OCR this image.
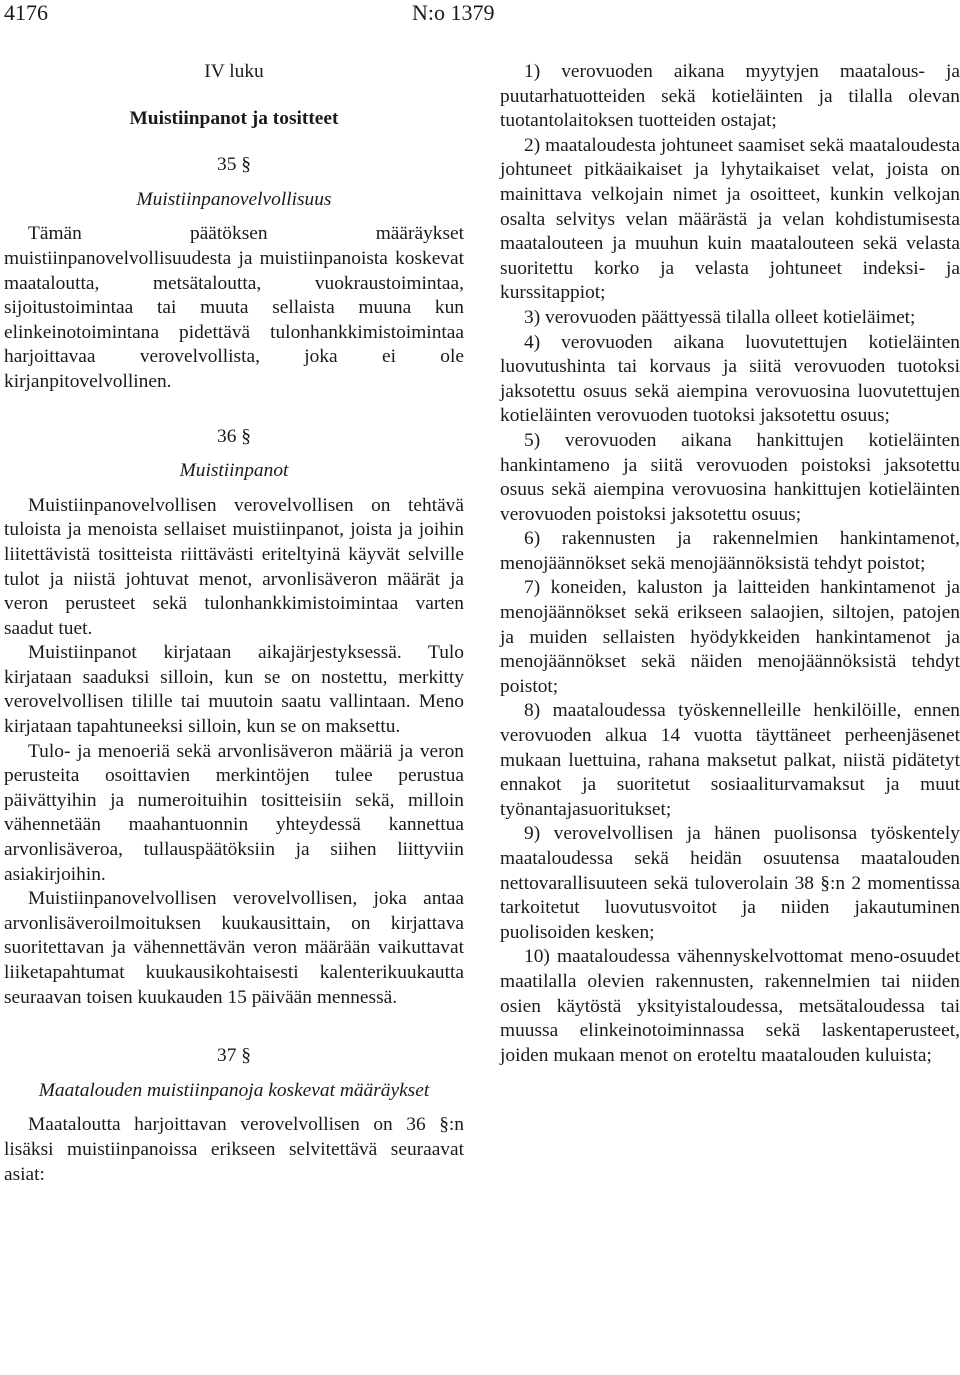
4176	N:o 1379
IV luku
Muistiinpanot ja tositteet
35 §
Muistiinpanovelvollisuus

Tämän päätöksen määräykset muistiinpanovelvollisuudesta ja muistiinpanoista koskevat maataloutta, metsätaloutta, vuokraustoimintaa, sijoitustoimintaa tai muuta sellaista muuna kun elinkeinotoimintana pidettävä tulonhankkimistoimintaa harjoittavaa verovelvollista, joka ei ole kirjanpitovelvollinen.

36 §
Muistiinpanot

Muistiinpanovelvollisen verovelvollisen on tehtävä tuloista ja menoista sellaiset muistiinpanot, joista ja joihin liitettävistä tositteista riittävästi eriteltyinä käyvät selville tulot ja niistä johtuvat menot, arvonlisäveron määrät ja veron perusteet sekä tulonhankkimistoimintaa varten saadut tuet.

Muistiinpanot kirjataan aikajärjestyksessä. Tulo kirjataan saaduksi silloin, kun se on nostettu, merkitty verovelvollisen tilille tai muutoin saatu vallintaan. Meno kirjataan tapahtuneeksi silloin, kun se on maksettu.

Tulo- ja menoeriä sekä arvonlisäveron määriä ja veron perusteita osoittavien merkintöjen tulee perustua päivättyihin ja numeroituihin tositteisiin sekä, milloin vähennetään maahantuonnin yhteydessä kannettua arvonlisäveroa, tullauspäätöksiin ja siihen liittyviin asiakirjoihin.

Muistiinpanovelvollisen verovelvollisen, joka antaa arvonlisäveroilmoituksen kuukausittain, on kirjattava suoritettavan ja vähennettävän veron määrään vaikuttavat liiketapahtumat kuukausikohtaisesti kalenterikuukautta seuraavan toisen kuukauden 15 päivään mennessä.

37 §
Maatalouden muistiinpanoja koskevat määräykset

Maataloutta harjoittavan verovelvollisen on 36 §:n lisäksi muistiinpanoissa erikseen selvitettävä seuraavat asiat:

1) verovuoden aikana myytyjen maatalous- ja puutarhatuotteiden sekä kotieläinten ja tilalla olevan tuotantolaitoksen tuotteiden ostajat;

2) maataloudesta johtuneet saamiset sekä maataloudesta johtuneet pitkäaikaiset ja lyhytaikaiset velat, joista on mainittava velkojain nimet ja osoitteet, kunkin velkojan osalta selvitys velan määrästä ja velan kohdistumisesta maatalouteen ja muuhun kuin maatalouteen sekä velasta suoritettu korko ja velasta johtuneet indeksi- ja kurssitappiot;

3) verovuoden päättyessä tilalla olleet kotieläimet;

4) verovuoden aikana luovutettujen kotieläinten luovutushinta tai korvaus ja siitä verovuoden tuotoksi jaksotettu osuus sekä aiempina verovuosina luovutettujen kotieläinten verovuoden tuotoksi jaksotettu osuus;

5) verovuoden aikana hankittujen kotieläinten hankintameno ja siitä verovuoden poistoksi jaksotettu osuus sekä aiempina verovuosina hankittujen kotieläinten verovuoden poistoksi jaksotettu osuus;

6) rakennusten ja rakennelmien hankintamenot, menojäännökset sekä menojäännöksistä tehdyt poistot;

7) koneiden, kaluston ja laitteiden hankintamenot ja menojäännökset sekä erikseen salaojien, siltojen, patojen ja muiden sellaisten hyödykkeiden hankintamenot ja menojäännökset sekä näiden menojäännöksistä tehdyt poistot;

8) maataloudessa työskennelleille henkilöille, ennen verovuoden alkua 14 vuotta täyttäneet perheenjäsenet mukaan luettuina, rahana maksetut palkat, niistä pidätetyt ennakot ja suoritetut sosiaaliturvamaksut ja muut työnantajasuoritukset;

9) verovelvollisen ja hänen puolisonsa työskentely maataloudessa sekä heidän osuutensa maatalouden nettovarallisuuteen sekä tuloverolain 38 §:n 2 momentissa tarkoitetut luovutusvoitot ja niiden jakautuminen puolisoiden kesken;

10) maataloudessa vähennyskelvottomat meno-osuudet maatilalla olevien rakennusten, rakennelmien tai niiden osien käytöstä yksityistaloudessa, metsätaloudessa tai muussa elinkeinotoiminnassa sekä laskentaperusteet, joiden mukaan menot on eroteltu maatalouden kuluista;
